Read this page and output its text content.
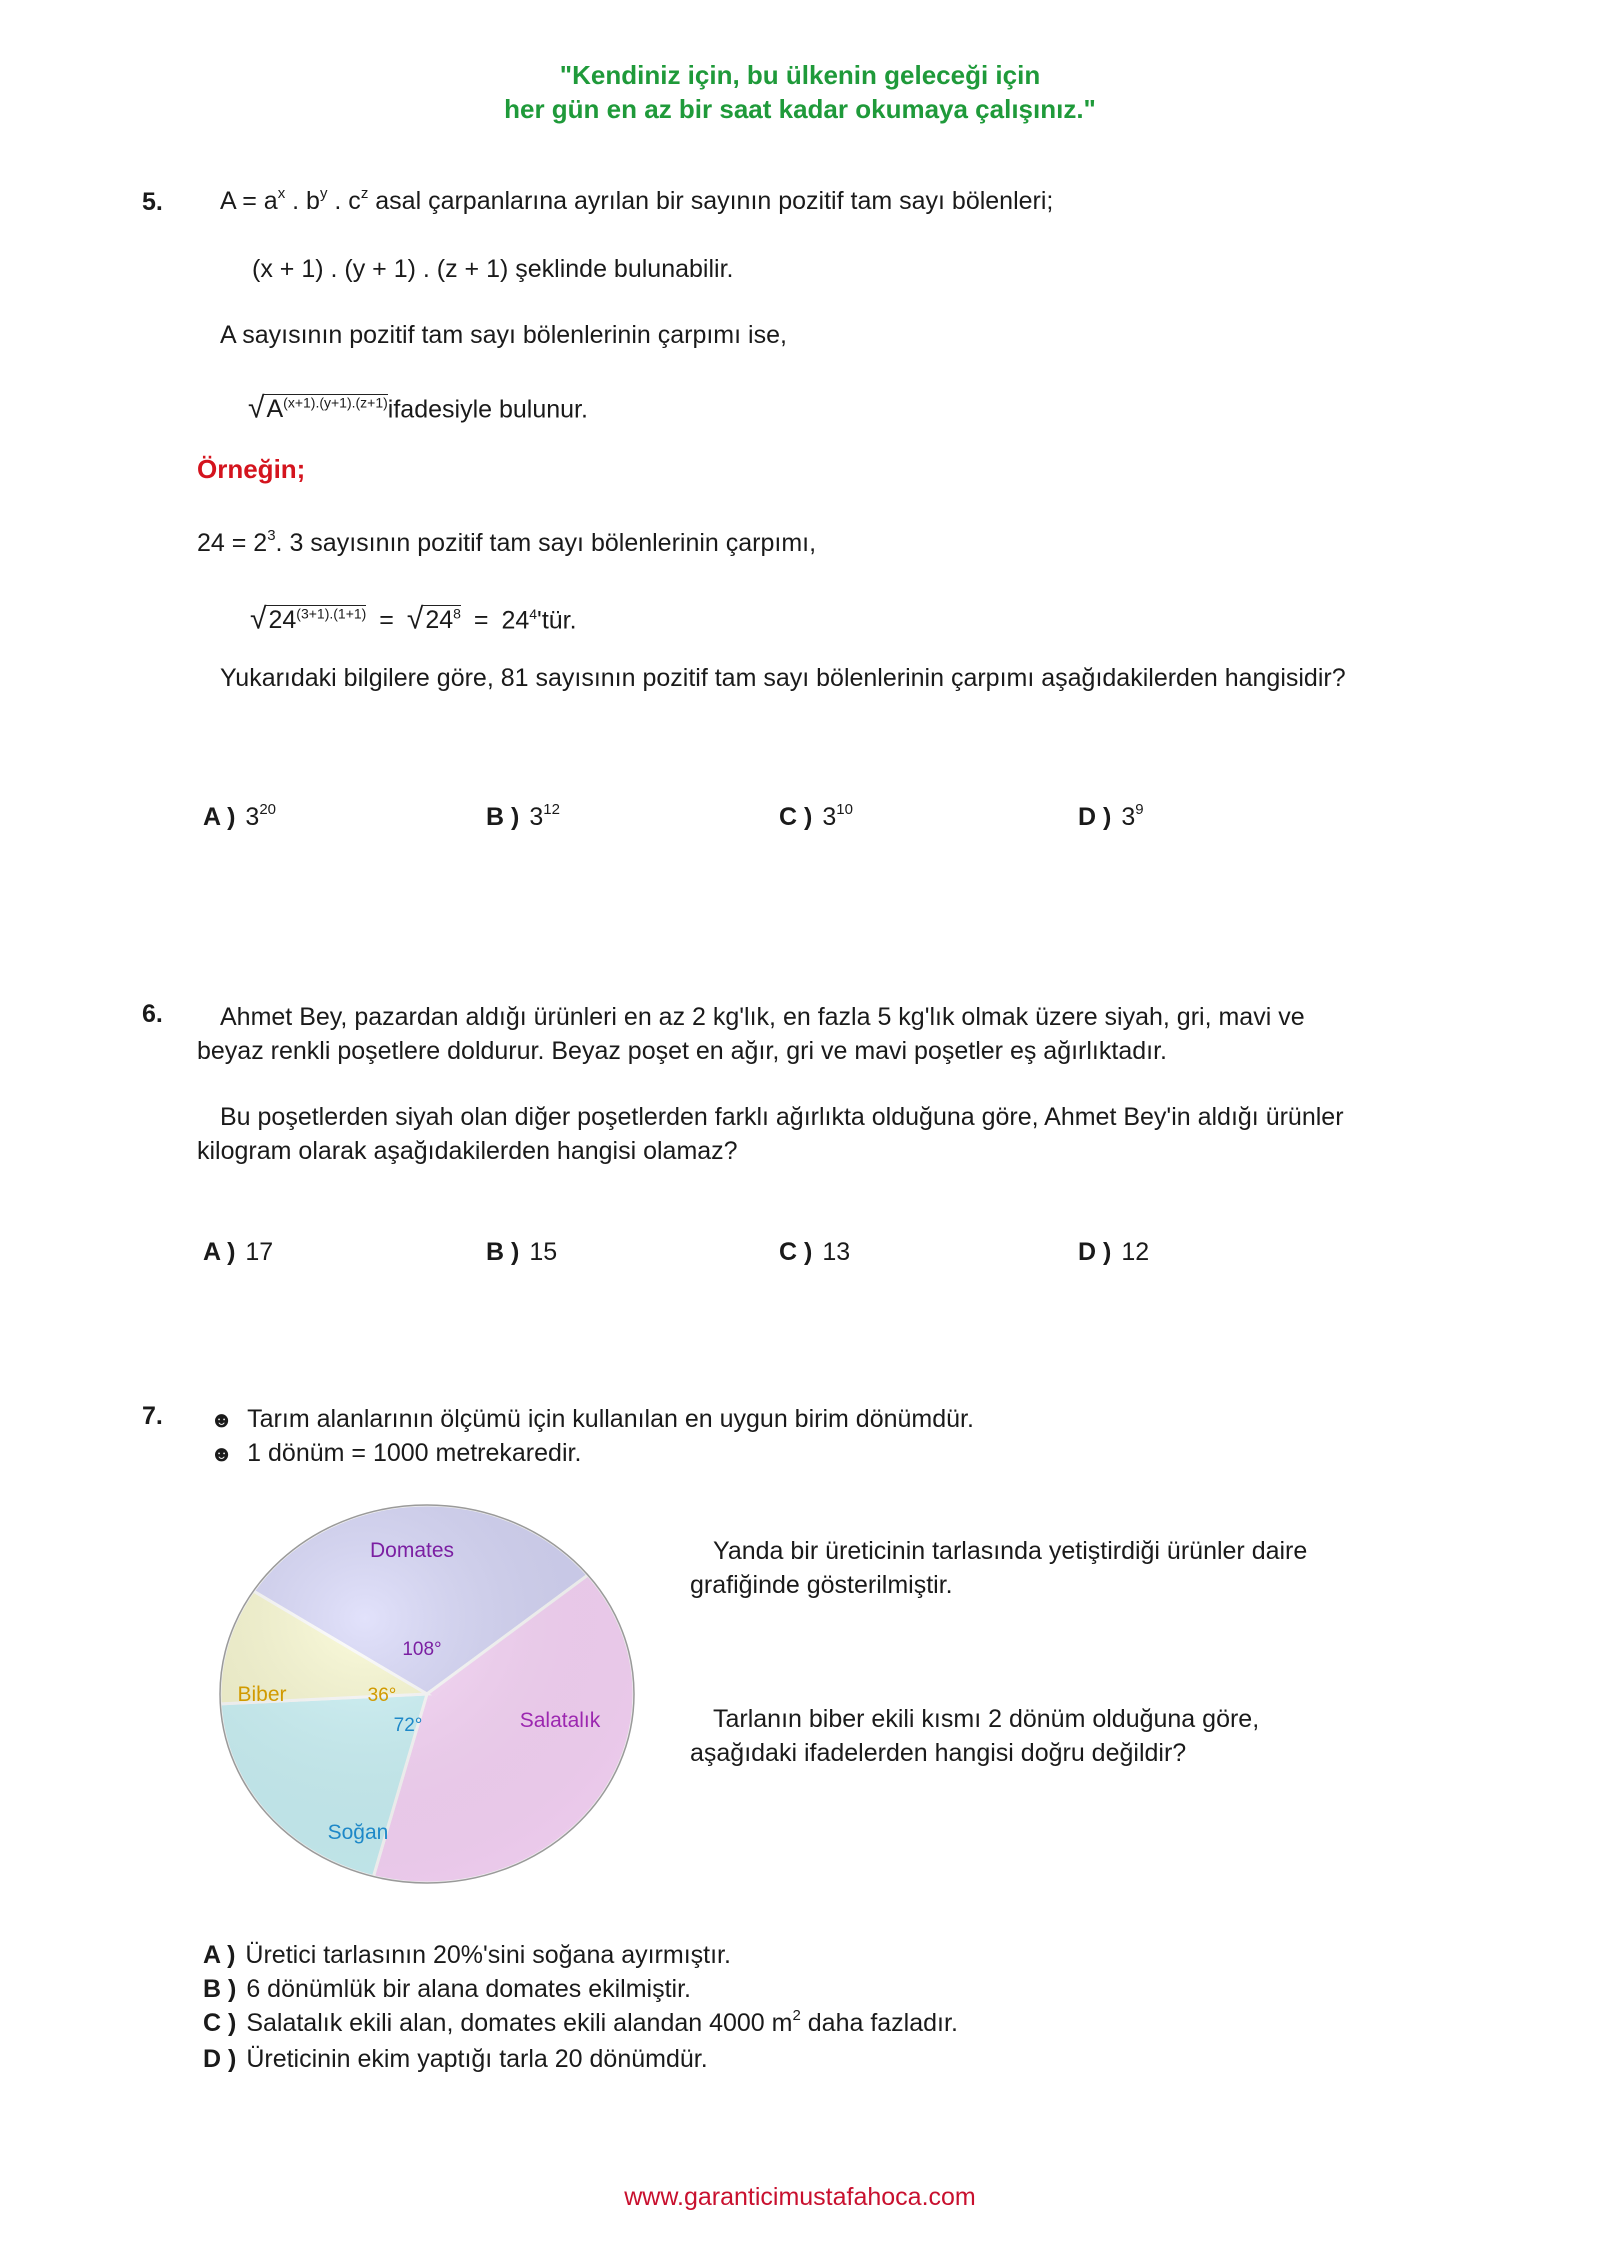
"Kendiniz için, bu ülkenin geleceği için
her gün en az bir saat kadar okumaya çalışınız."
5. $A = a^x$ . $b^y$ . $c^z$ asal çarpanlarına ayrılan bir sayının pozitif tam sayı bölenleri;
(x + 1) . (y + 1) . (z + 1) şeklinde bulunabilir.
A sayısının pozitif tam sayı bölenlerinin çarpımı ise,
$√A^{(x+1).(y+1).(z+1)}ifadesiyle$ bulunur.
Örneğin;
$24 = 2^3$. 3 sayısının pozitif tam sayı bölenlerinin çarpımı,
$√24^{(3+1).(1+1)} = √24^8$ = $24^4'tür$.
Yukarıdaki bilgilere göre, 81 sayısının pozitif tam sayı bölenlerinin çarpımı aşağıdakilerden hangisidir?
A ) $3^{20}$	B ) $3^{12}$	C ) $3^{10}$	D ) $3^9$
6.	Ahmet Bey, pazardan aldığı ürünleri en az 2 kg'lık, en fazla 5 kg'lık olmak üzere siyah, gri, mavi ve beyaz renkli poşetlere doldurur. Beyaz poşet en ağır, gri ve mavi poşetler eş ağırlıktadır.
Bu poşetlerden siyah olan diğer poşetlerden farklı ağırlıkta olduğuna göre, Ahmet Bey'in aldığı ürünler kilogram olarak aşağıdakilerden hangisi olamaz?
A ) 17	B ) 15	C ) 13	D ) 12
7. ☻ Tarım alanlarının ölçümü için kullanılan en uygun birim dönümdür.
☻ 1 dönüm = 1000 metrekaredir.
Domates
108°
Salatalık
Soğan
72°
Biber	36°
Yanda bir üreticinin tarlasında yetiştirdiği ürünler daire grafiğinde gösterilmiştir.
Tarlanın biber ekili kısmı 2 dönüm olduğuna göre, aşağıdaki ifadelerden hangisi doğru değildir?
A ) Üretici tarlasının 20%'sini soğana ayırmıştır.
B ) 6 dönümlük bir alana domates ekilmiştir.
C ) Salatalık ekili alan, domates ekili alandan 4000 $m^2$ daha fazladır.
D ) Üreticinin ekim yaptığı tarla 20 dönümdür.
www.garanticimustafahoca.com
